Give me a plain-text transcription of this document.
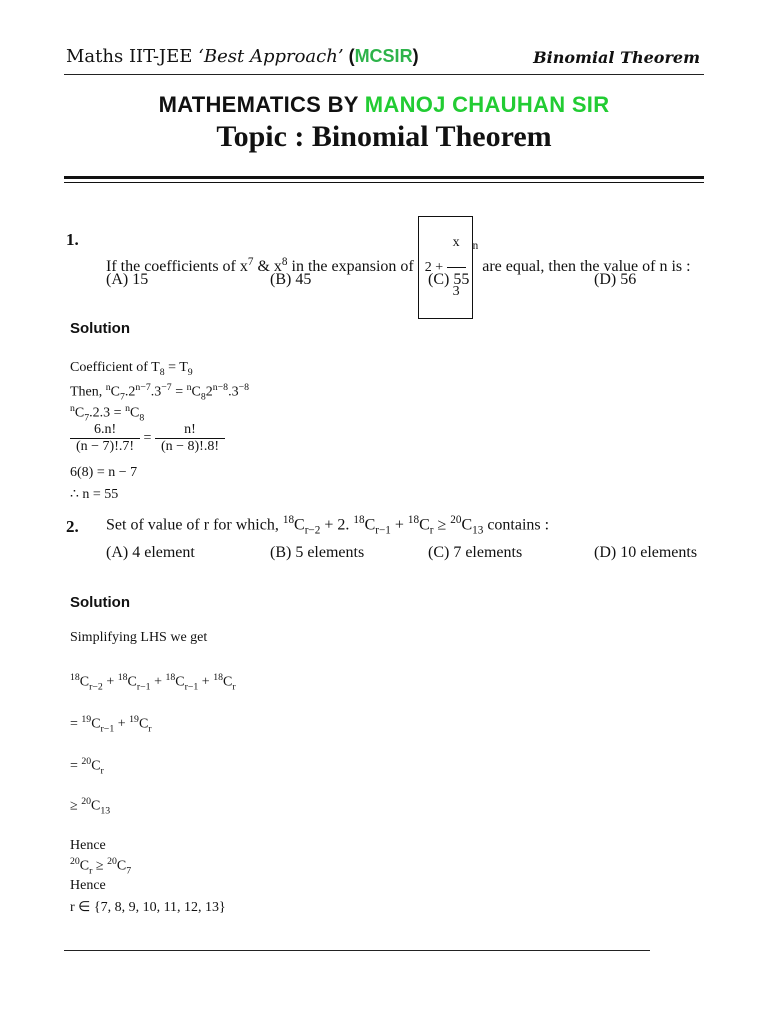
Maths IIT-JEE ‘Best Approach’ (MCSIR)	Binomial Theorem
MATHEMATICS BY MANOJ CHAUHAN SIR
Topic : Binomial Theorem
1.
If the coefficients of $x^7$ & $x^8$ in the expansion of $2 + \frac{x}{3} ^n$ are equal, then the value of n is :
(A) 15	(B) 45	(C) 55	(D) 56
Solution
Coefficient of $T_8 = T_9$
Then, $^nC_7.2^{n-7}.3^{-7} = ^nC_82^{n-8}.3^{-8}$
$^nC_7.2.3 = ^nC_8$
$\frac{6.n!}{(n - 7)!.7!} = \frac{n!}{(n - 8)!.8!}$
6(8) = n − 7
∴ n = 55
2. Set of value of r for which, $^{18}C_{r-2} + 2$. $^{18}C_{r-1} + ^{18}C_r \ge ^{20}C_{13}$ contains :
(A) 4 element	(B) 5 elements	(C) 7 elements	(D) 10 elements
Solution
Simplifying LHS we get
$^{18}C_{r-2} + ^{18}C_{r-1} + ^{18}C_{r-1} + ^{18}C_r$
= $^{19}C_{r-1} + ^{19}C_r$
= $^{20}C_r$
≥ $^{20}C_{13}$
Hence
$^{20}C_r \ge ^{20}C_7$
Hence
r ∈ {7, 8, 9, 10, 11, 12, 13}
